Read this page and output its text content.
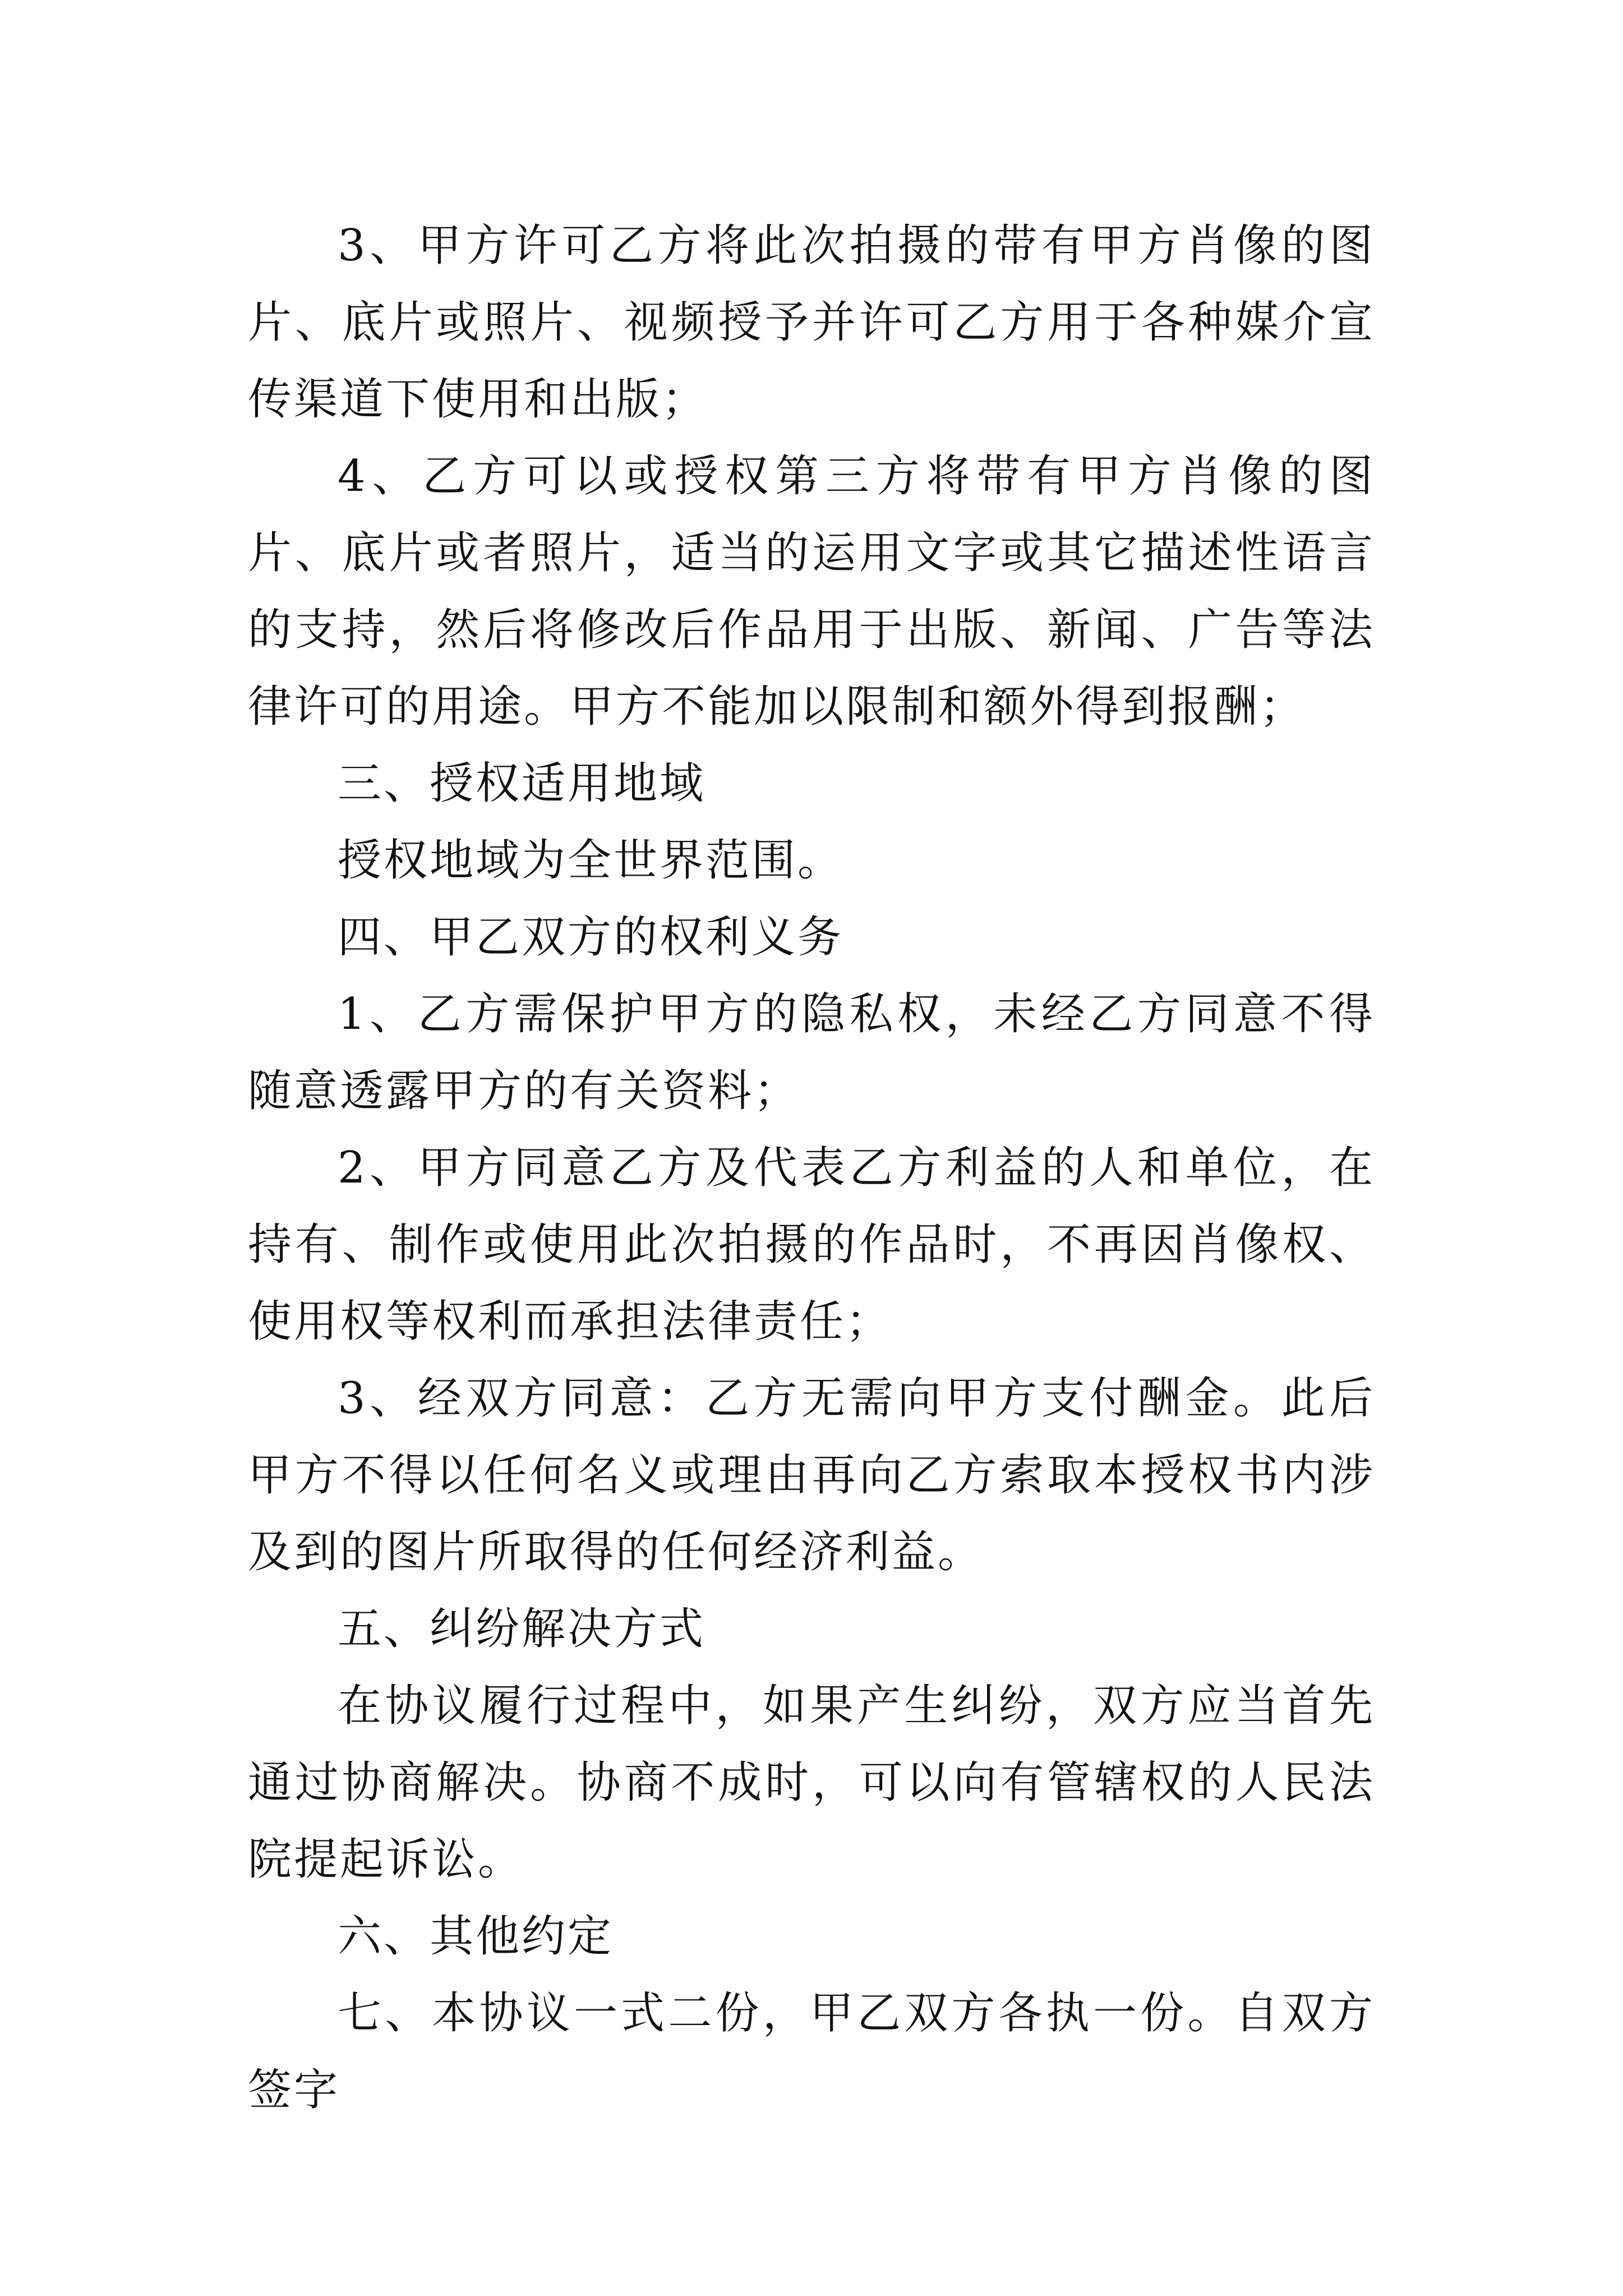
3、甲方许可乙方将此次拍摄的带有甲方肖像的图片、底片或照片、视频授予并许可乙方用于各种媒介宣传渠道下使用和出版；

4、乙方可以或授权第三方将带有甲方肖像的图片、底片或者照片，适当的运用文字或其它描述性语言的支持，然后将修改后作品用于出版、新闻、广告等法律许可的用途。甲方不能加以限制和额外得到报酬；

三、授权适用地域

授权地域为全世界范围。

四、甲乙双方的权利义务

1、乙方需保护甲方的隐私权，未经乙方同意不得随意透露甲方的有关资料；

2、甲方同意乙方及代表乙方利益的人和单位，在持有、制作或使用此次拍摄的作品时，不再因肖像权、使用权等权利而承担法律责任；

3、经双方同意：乙方无需向甲方支付酬金。此后甲方不得以任何名义或理由再向乙方索取本授权书内涉及到的图片所取得的任何经济利益。

五、纠纷解决方式

在协议履行过程中，如果产生纠纷，双方应当首先通过协商解决。协商不成时，可以向有管辖权的人民法院提起诉讼。

六、其他约定

七、本协议一式二份，甲乙双方各执一份。自双方签字
